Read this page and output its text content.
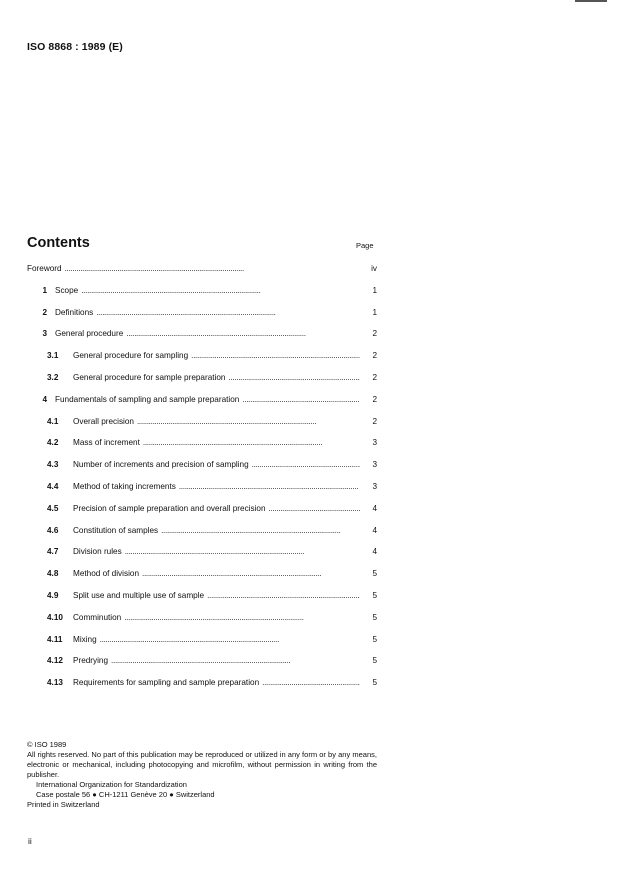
ISO 8868 : 1989 (E)
Contents	Page
Foreword . . .	iv
1 Scope . . .	1
2 Definitions . . .	1
3 General procedure . . .	2
3.1	General procedure for sampling . . .	2
3.2	General procedure for sample preparation . . .	2
4 Fundamentals of sampling and sample preparation . . .	2
4.1	Overall precision . . .	2
4.2	Mass of increment . . .	3
4.3	Number of increments and precision of sampling . . .	3
4.4	Method of taking increments . . .	3
4.5	Precision of sample preparation and overall precision . . .	4
4.6	Constitution of samples . . .	4
4.7	Division rules . . .	4
4.8	Method of division . . .	5
4.9	Split use and multiple use of sample . . .	5
4.10	Comminution . . .	5
4.11	Mixing . . .	5
4.12	Predrying . . .	5
4.13	Requirements for sampling and sample preparation . . .	5
© ISO 1989
All rights reserved. No part of this publication may be reproduced or utilized in any form or by any means, electronic or mechanical, including photocopying and microfilm, without permission in writing from the publisher.
International Organization for Standardization
Case postale 56 ● CH-1211 Genève 20 ● Switzerland
Printed in Switzerland
ii
